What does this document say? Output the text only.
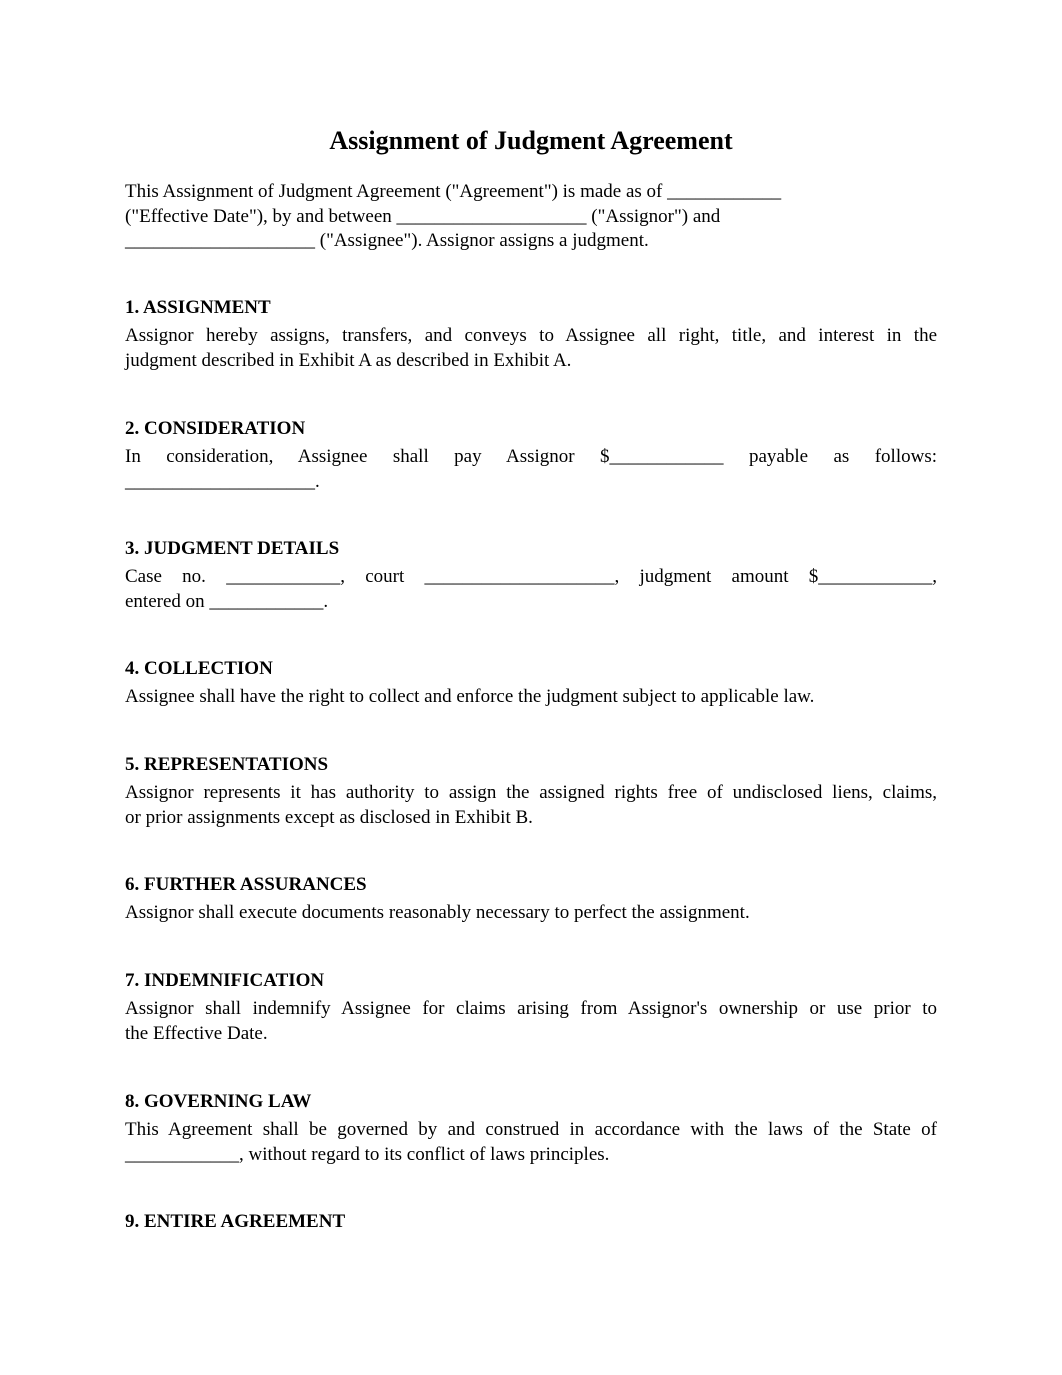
Assignment of Judgment Agreement

This Assignment of Judgment Agreement ("Agreement") is made as of ____________
("Effective Date"), by and between ____________________ ("Assignor") and
____________________ ("Assignee"). Assignor assigns a judgment.

1. ASSIGNMENT

Assignor hereby assigns, transfers, and conveys to Assignee all right, title, and interest in the
judgment described in Exhibit A as described in Exhibit A.

2. CONSIDERATION

In consideration, Assignee shall pay Assignor $____________ payable as follows:
____________________.

3. JUDGMENT DETAILS

Case no. ____________, court ____________________, judgment amount $____________,
entered on ____________.

4. COLLECTION

Assignee shall have the right to collect and enforce the judgment subject to applicable law.

5. REPRESENTATIONS

Assignor represents it has authority to assign the assigned rights free of undisclosed liens, claims,
or prior assignments except as disclosed in Exhibit B.

6. FURTHER ASSURANCES

Assignor shall execute documents reasonably necessary to perfect the assignment.

7. INDEMNIFICATION

Assignor shall indemnify Assignee for claims arising from Assignor's ownership or use prior to
the Effective Date.

8. GOVERNING LAW

This Agreement shall be governed by and construed in accordance with the laws of the State of
____________, without regard to its conflict of laws principles.

9. ENTIRE AGREEMENT
